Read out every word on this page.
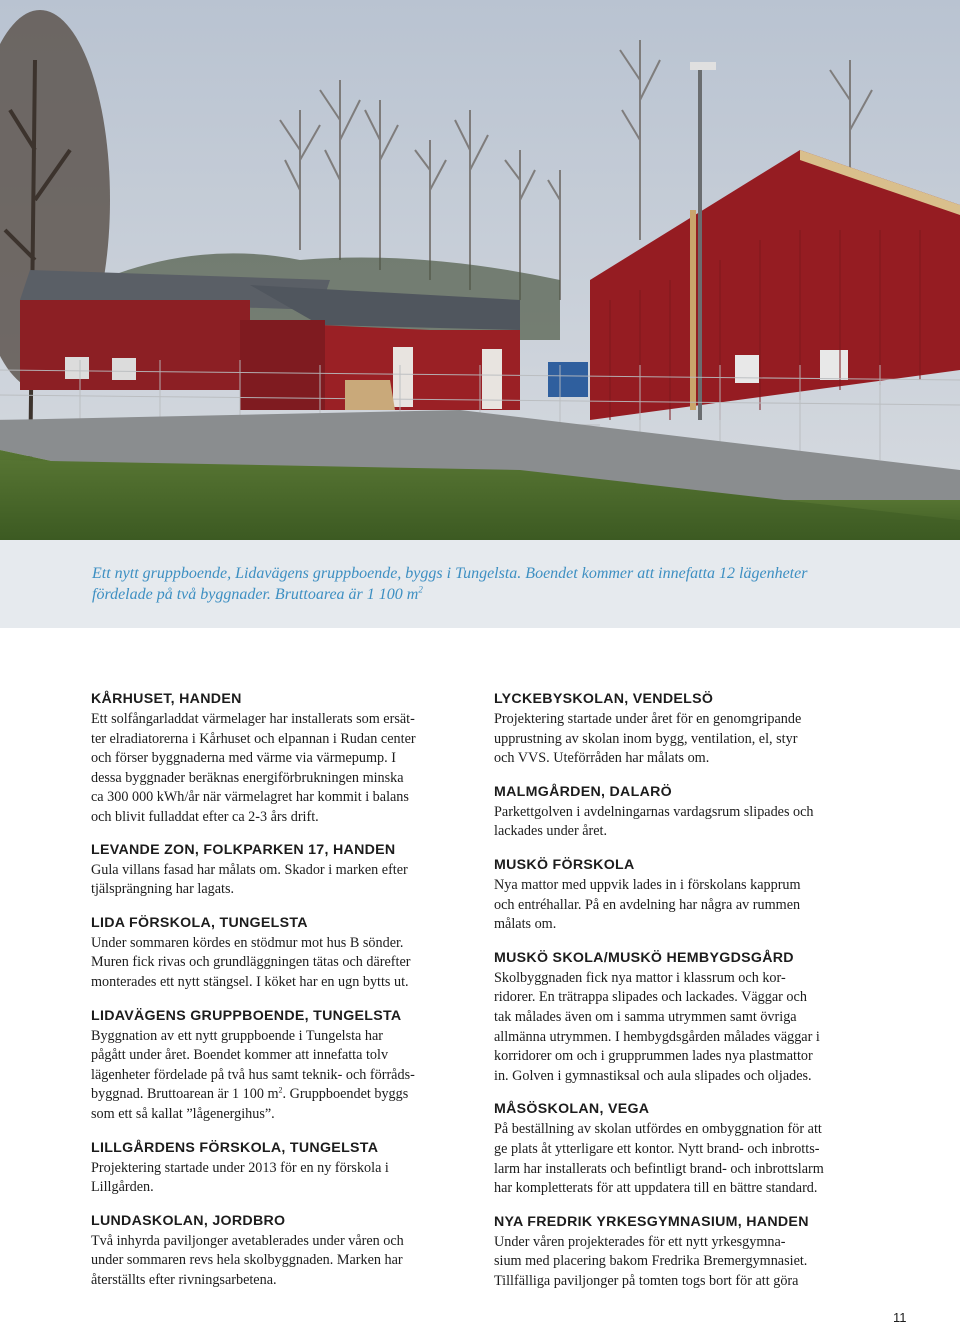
Ett nytt gruppboende, Lidavägens gruppboende, byggs i Tungelsta. Boendet kommer att innefatta 12 lägenheter
fördelade på två byggnader. Bruttoarea är 1 100 $m^2$

KÅRHUSET, HANDEN

Ett solfångarladdat värmelager har installerats som ersät-

ter elradiatorerna i Kårhuset och elpannan i Rudan center

och förser byggnaderna med värme via värmepump. I

dessa byggnader beräknas energiförbrukningen minska

ca 300 000 kWh/år när värmelagret har kommit i balans

och blivit fulladdat efter ca 2-3 års drift.

LEVANDE ZON, FOLKPARKEN 17, HANDEN

Gula villans fasad har målats om. Skador i marken efter

tjälsprängning har lagats.

LIDA FÖRSKOLA, TUNGELSTA

Under sommaren kördes en stödmur mot hus B sönder.

Muren fick rivas och grundläggningen tätas och därefter

monterades ett nytt stängsel. I köket har en ugn bytts ut.

LIDAVÄGENS GRUPPBOENDE, TUNGELSTA

Byggnation av ett nytt gruppboende i Tungelsta har

pågått under året. Boendet kommer att innefatta tolv

lägenheter fördelade på två hus samt teknik- och förråds-

byggnad. Bruttoarean är 1 100 $m^2$. Gruppboendet byggs

som ett så kallat ”lågenergihus”.

LILLGÅRDENS FÖRSKOLA, TUNGELSTA

Projektering startade under 2013 för en ny förskola i

Lillgården.

LUNDASKOLAN, JORDBRO

Två inhyrda paviljonger avetablerades under våren och

under sommaren revs hela skolbyggnaden. Marken har

återställts efter rivningsarbetena.

LYCKEBYSKOLAN, VENDELSÖ

Projektering startade under året för en genomgripande

upprustning av skolan inom bygg, ventilation, el, styr

och VVS. Uteförråden har målats om.

MALMGÅRDEN, DALARÖ

Parkettgolven i avdelningarnas vardagsrum slipades och

lackades under året.

MUSKÖ FÖRSKOLA

Nya mattor med uppvik lades in i förskolans kapprum

och entréhallar. På en avdelning har några av rummen

målats om.

MUSKÖ SKOLA/MUSKÖ HEMBYGDSGÅRD

Skolbyggnaden fick nya mattor i klassrum och kor-

ridorer. En trätrappa slipades och lackades. Väggar och

tak målades även om i samma utrymmen samt övriga

allmänna utrymmen. I hembygdsgården målades väggar i

korridorer om och i grupprummen lades nya plastmattor

in. Golven i gymnastiksal och aula slipades och oljades.

MÅSÖSKOLAN, VEGA

På beställning av skolan utfördes en ombyggnation för att

ge plats åt ytterligare ett kontor. Nytt brand- och inbrotts-

larm har installerats och befintligt brand- och inbrottslarm

har kompletterats för att uppdatera till en bättre standard.

NYA FREDRIK YRKESGYMNASIUM, HANDEN

Under våren projekterades för ett nytt yrkesgymna-

sium med placering bakom Fredrika Bremergymnasiet.

Tillfälliga paviljonger på tomten togs bort för att göra

11
